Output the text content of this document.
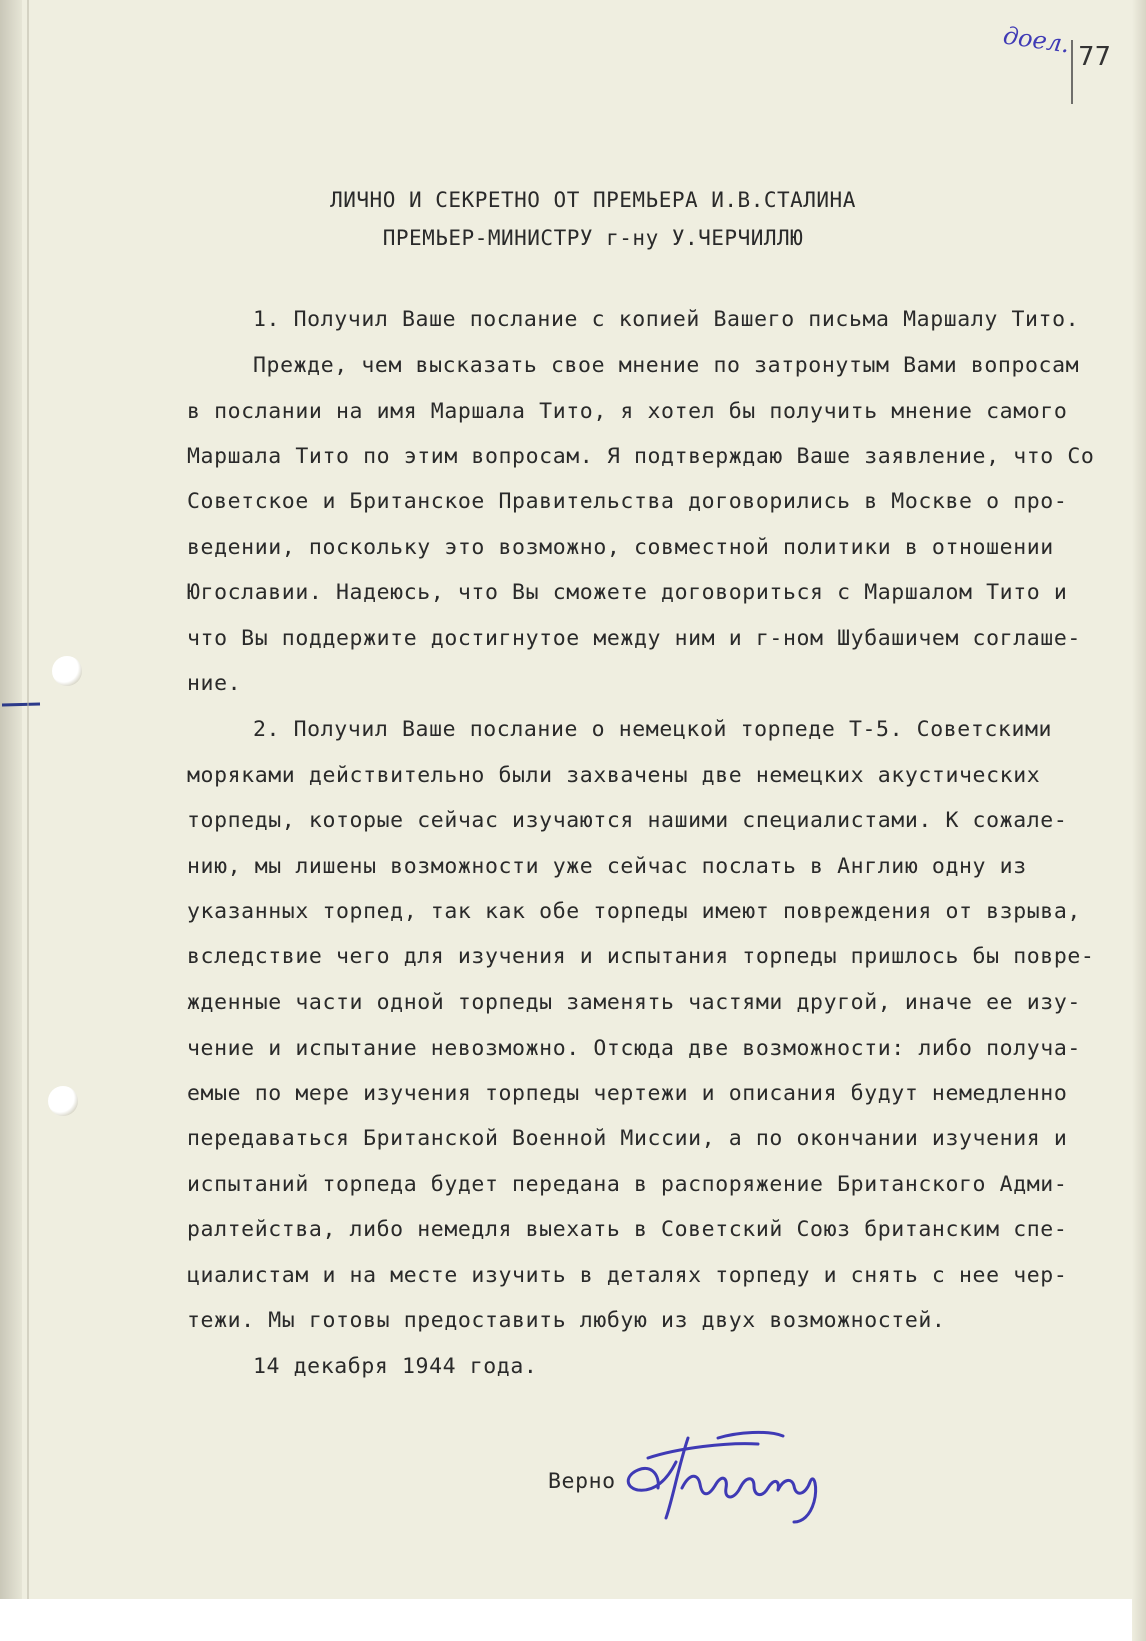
доел. 77
ЛИЧНО И СЕКРЕТНО ОТ ПРЕМЬЕРА И.В.СТАЛИНА
ПРЕМЬЕР-МИНИСТРУ г-ну У.ЧЕРЧИЛЛЮ
1. Получил Ваше послание с копией Вашего письма Маршалу Тито.
Прежде, чем высказать свое мнение по затронутым Вами вопросам
в послании на имя Маршала Тито, я хотел бы получить мнение самого
Маршала Тито по этим вопросам. Я подтверждаю Ваше заявление, что Со
Советское и Британское Правительства договорились в Москве о про-
ведении, поскольку это возможно, совместной политики в отношении
Югославии. Надеюсь, что Вы сможете договориться с Маршалом Тито и
что Вы поддержите достигнутое между ним и г-ном Шубашичем соглаше-
ние.
2. Получил Ваше послание о немецкой торпеде Т-5. Советскими
моряками действительно были захвачены две немецких акустических
торпеды, которые сейчас изучаются нашими специалистами. К сожале-
нию, мы лишены возможности уже сейчас послать в Англию одну из
указанных торпед, так как обе торпеды имеют повреждения от взрыва,
вследствие чего для изучения и испытания торпеды пришлось бы повре-
жденные части одной торпеды заменять частями другой, иначе ее изу-
чение и испытание невозможно. Отсюда две возможности: либо получа-
емые по мере изучения торпеды чертежи и описания будут немедленно
передаваться Британской Военной Миссии, а по окончании изучения и
испытаний торпеда будет передана в распоряжение Британского Адми-
ралтейства, либо немедля выехать в Советский Союз британским спе-
циалистам и на месте изучить в деталях торпеду и снять с нее чер-
тежи. Мы готовы предоставить любую из двух возможностей.
14 декабря 1944 года.
Верно
